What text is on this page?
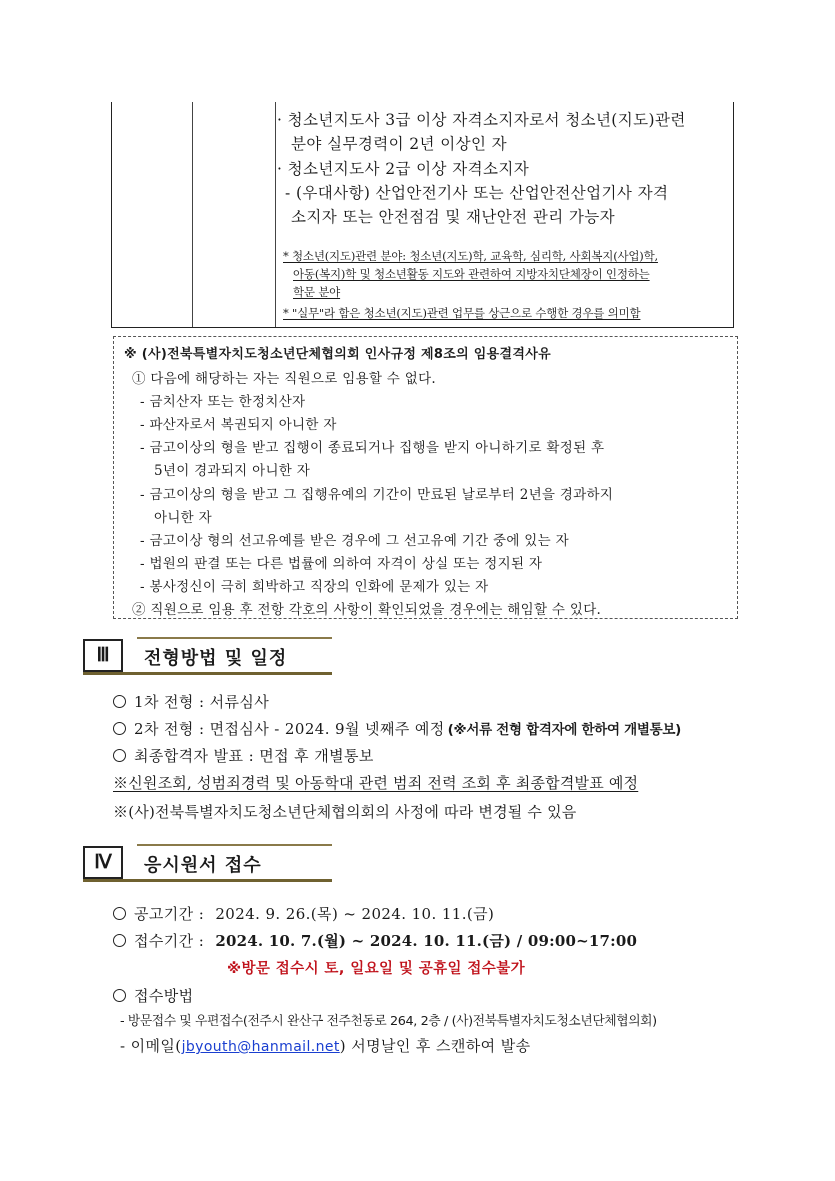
· 청소년지도사 3급 이상 자격소지자로서 청소년(지도)관련
분야 실무경력이 2년 이상인 자
· 청소년지도사 2급 이상 자격소지자
- (우대사항) 산업안전기사 또는 산업안전산업기사 자격
소지자 또는 안전점검 및 재난안전 관리 가능자
* 청소년(지도)관련 분야: 청소년(지도)학, 교육학, 심리학, 사회복지(사업)학,
아동(복지)학 및 청소년활동 지도와 관련하여 지방자치단체장이 인정하는
학문 분야
* "실무"라 함은 청소년(지도)관련 업무를 상근으로 수행한 경우를 의미함
※ (사)전북특별자치도청소년단체협의회 인사규정 제8조의 임용결격사유
① 다음에 해당하는 자는 직원으로 임용할 수 없다.
- 금치산자 또는 한정치산자
- 파산자로서 복권되지 아니한 자
- 금고이상의 형을 받고 집행이 종료되거나 집행을 받지 아니하기로 확정된 후
5년이 경과되지 아니한 자
- 금고이상의 형을 받고 그 집행유예의 기간이 만료된 날로부터 2년을 경과하지
아니한 자
- 금고이상 형의 선고유예를 받은 경우에 그 선고유예 기간 중에 있는 자
- 법원의 판결 또는 다른 법률에 의하여 자격이 상실 또는 정지된 자
- 봉사정신이 극히 희박하고 직장의 인화에 문제가 있는 자
② 직원으로 임용 후 전항 각호의 사항이 확인되었을 경우에는 해임할 수 있다.
Ⅲ	전형방법 및 일정
1차 전형 : 서류심사
2차 전형 : 면접심사 - 2024. 9월 넷째주 예정 (※서류 전형 합격자에 한하여 개별통보)
최종합격자 발표 : 면접 후 개별통보
※신원조회, 성범죄경력 및 아동학대 관련 범죄 전력 조회 후 최종합격발표 예정
※(사)전북특별자치도청소년단체협의회의 사정에 따라 변경될 수 있음
Ⅳ	응시원서 접수
공고기간 : 2024. 9. 26.(목) ~ 2024. 10. 11.(금)
접수기간 : 2024. 10. 7.(월) ~ 2024. 10. 11.(금) / 09:00~17:00
※방문 접수시 토, 일요일 및 공휴일 접수불가
접수방법
- 방문접수 및 우편접수(전주시 완산구 전주천동로 264, 2층 / (사)전북특별자치도청소년단체협의회)
- 이메일(jbyouth@hanmail.net) 서명날인 후 스캔하여 발송
